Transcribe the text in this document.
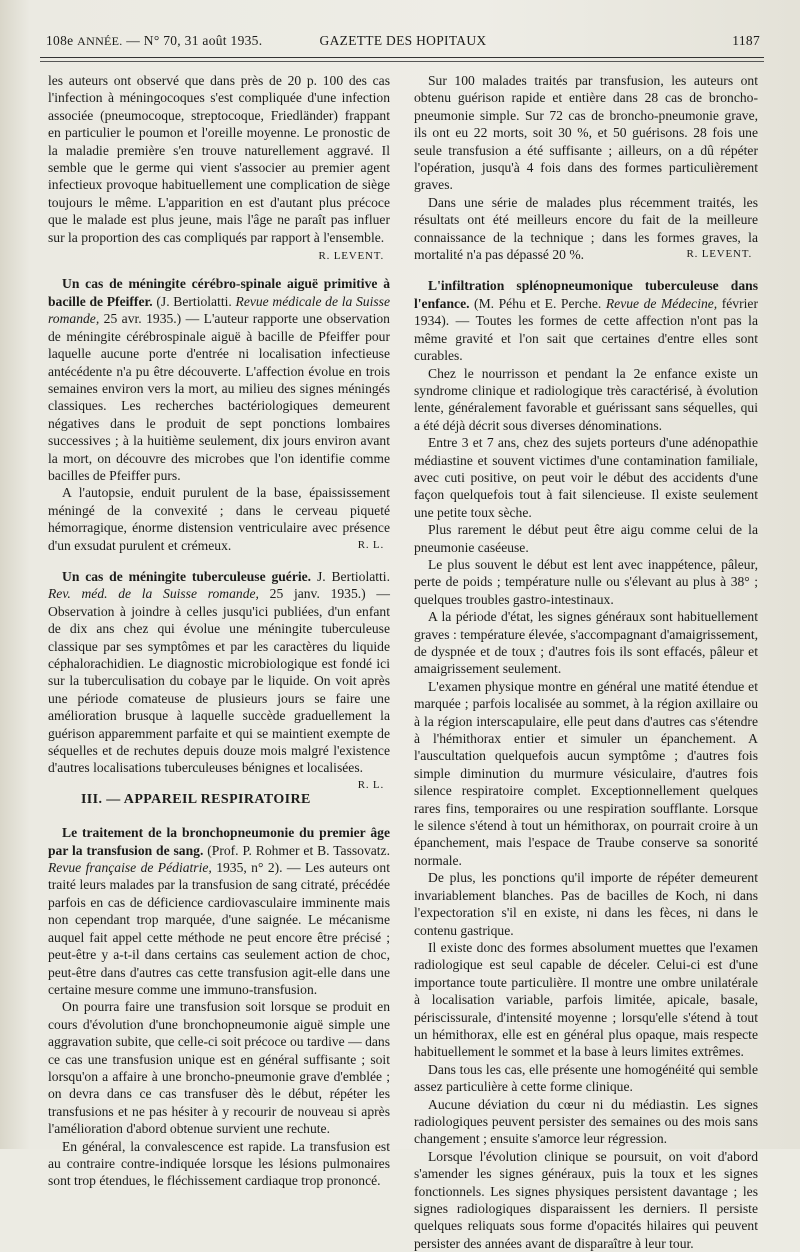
108e ANNÉE. — N° 70, 31 août 1935.	GAZETTE DES HOPITAUX	1187

les auteurs ont observé que dans près de 20 p. 100 des cas l'infection à méningocoques s'est compliquée d'une infection associée (pneumocoque, streptocoque, Friedländer) frappant en particulier le poumon et l'oreille moyenne. Le pronostic de la maladie première s'en trouve naturellement aggravé. Il semble que le germe qui vient s'associer au premier agent infectieux provoque habituellement une complication de siège toujours le même. L'apparition en est d'autant plus précoce que le malade est plus jeune, mais l'âge ne paraît pas influer sur la proportion des cas compliqués par rapport à l'ensemble.

R. LEVENT.

Un cas de méningite cérébro-spinale aiguë primitive à bacille de Pfeiffer. (J. Bertiolatti. Revue médicale de la Suisse romande, 25 avr. 1935.) — L'auteur rapporte une observation de méningite cérébrospinale aiguë à bacille de Pfeiffer pour laquelle aucune porte d'entrée ni localisation infectieuse antécédente n'a pu être découverte. L'affection évolue en trois semaines environ vers la mort, au milieu des signes méningés classiques. Les recherches bactériologiques demeurent négatives dans le produit de sept ponctions lombaires successives ; à la huitième seulement, dix jours environ avant la mort, on découvre des microbes que l'on identifie comme bacilles de Pfeiffer purs.

A l'autopsie, enduit purulent de la base, épaississement méningé de la convexité ; dans le cerveau piqueté hémorragique, énorme distension ventriculaire avec présence d'un exsudat purulent et crémeux.	R. L.

Un cas de méningite tuberculeuse guérie. J. Bertiolatti. Rev. méd. de la Suisse romande, 25 janv. 1935.) — Observation à joindre à celles jusqu'ici publiées, d'un enfant de dix ans chez qui évolue une méningite tuberculeuse classique par ses symptômes et par les caractères du liquide céphalorachidien. Le diagnostic microbiologique est fondé ici sur la tuberculisation du cobaye par le liquide. On voit après une période comateuse de plusieurs jours se faire une amélioration brusque à laquelle succède graduellement la guérison apparemment parfaite et qui se maintient exempte de séquelles et de rechutes depuis douze mois malgré l'existence d'autres localisations tuberculeuses bénignes et localisées.
R. L.

III. — APPAREIL RESPIRATOIRE

Le traitement de la bronchopneumonie du premier âge par la transfusion de sang. (Prof. P. Rohmer et B. Tassovatz. Revue française de Pédiatrie, 1935, n° 2). — Les auteurs ont traité leurs malades par la transfusion de sang citraté, précédée parfois en cas de déficience cardiovasculaire imminente mais non cependant trop marquée, d'une saignée. Le mécanisme auquel fait appel cette méthode ne peut encore être précisé ; peut-être y a-t-il dans certains cas seulement action de choc, peut-être dans d'autres cas cette transfusion agit-elle dans une certaine mesure comme une immuno-transfusion.

On pourra faire une transfusion soit lorsque se produit en cours d'évolution d'une bronchopneumonie aiguë simple une aggravation subite, que celle-ci soit précoce ou tardive — dans ce cas une transfusion unique est en général suffisante ; soit lorsqu'on a affaire à une broncho-pneumonie grave d'emblée ; on devra dans ce cas transfuser dès le début, répéter les transfusions et ne pas hésiter à y recourir de nouveau si après l'amélioration d'abord obtenue survient une rechute.

En général, la convalescence est rapide. La transfusion est au contraire contre-indiquée lorsque les lésions pulmonaires sont trop étendues, le fléchissement cardiaque trop prononcé.

Sur 100 malades traités par transfusion, les auteurs ont obtenu guérison rapide et entière dans 28 cas de broncho-pneumonie simple. Sur 72 cas de broncho-pneumonie grave, ils ont eu 22 morts, soit 30 %, et 50 guérisons. 28 fois une seule transfusion a été suffisante ; ailleurs, on a dû répéter l'opération, jusqu'à 4 fois dans des formes particulièrement graves.

Dans une série de malades plus récemment traités, les résultats ont été meilleurs encore du fait de la meilleure connaissance de la technique ; dans les formes graves, la mortalité n'a pas dépassé 20 %.	R. LEVENT.

L'infiltration splénopneumonique tuberculeuse dans l'enfance. (M. Péhu et E. Perche. Revue de Médecine, février 1934). — Toutes les formes de cette affection n'ont pas la même gravité et l'on sait que certaines d'entre elles sont curables.

Chez le nourrisson et pendant la 2e enfance existe un syndrome clinique et radiologique très caractérisé, à évolution lente, généralement favorable et guérissant sans séquelles, qui a été déjà décrit sous diverses dénominations.

Entre 3 et 7 ans, chez des sujets porteurs d'une adénopathie médiastine et souvent victimes d'une contamination familiale, avec cuti positive, on peut voir le début des accidents d'une façon quelquefois tout à fait silencieuse. Il existe seulement une petite toux sèche.

Plus rarement le début peut être aigu comme celui de la pneumonie caséeuse.

Le plus souvent le début est lent avec inappétence, pâleur, perte de poids ; température nulle ou s'élevant au plus à 38° ; quelques troubles gastro-intestinaux.

A la période d'état, les signes généraux sont habituellement graves : température élevée, s'accompagnant d'amaigrissement, de dyspnée et de toux ; d'autres fois ils sont effacés, pâleur et amaigrissement seulement.

L'examen physique montre en général une matité étendue et marquée ; parfois localisée au sommet, à la région axillaire ou à la région interscapulaire, elle peut dans d'autres cas s'étendre à l'hémithorax entier et simuler un épanchement. A l'auscultation quelquefois aucun symptôme ; d'autres fois simple diminution du murmure vésiculaire, d'autres fois silence respiratoire complet. Exceptionnellement quelques rares fins, temporaires ou une respiration soufflante. Lorsque le silence s'étend à tout un hémithorax, on pourrait croire à un épanchement, mais l'espace de Traube conserve sa sonorité normale.

De plus, les ponctions qu'il importe de répéter demeurent invariablement blanches. Pas de bacilles de Koch, ni dans l'expectoration s'il en existe, ni dans les fèces, ni dans le contenu gastrique.

Il existe donc des formes absolument muettes que l'examen radiologique est seul capable de déceler. Celui-ci est d'une importance toute particulière. Il montre une ombre unilatérale à localisation variable, parfois limitée, apicale, basale, périscissurale, d'intensité moyenne ; lorsqu'elle s'étend à tout un hémithorax, elle est en général plus opaque, mais respecte habituellement le sommet et la base à leurs limites extrêmes.

Dans tous les cas, elle présente une homogénéité qui semble assez particulière à cette forme clinique.

Aucune déviation du cœur ni du médiastin. Les signes radiologiques peuvent persister des semaines ou des mois sans changement ; ensuite s'amorce leur régression.

Lorsque l'évolution clinique se poursuit, on voit d'abord s'amender les signes généraux, puis la toux et les signes fonctionnels. Les signes physiques persistent davantage ; les signes radiologiques disparaissent les derniers. Il persiste quelques reliquats sous forme d'opacités hilaires qui peuvent persister des années avant de disparaître à leur tour.
